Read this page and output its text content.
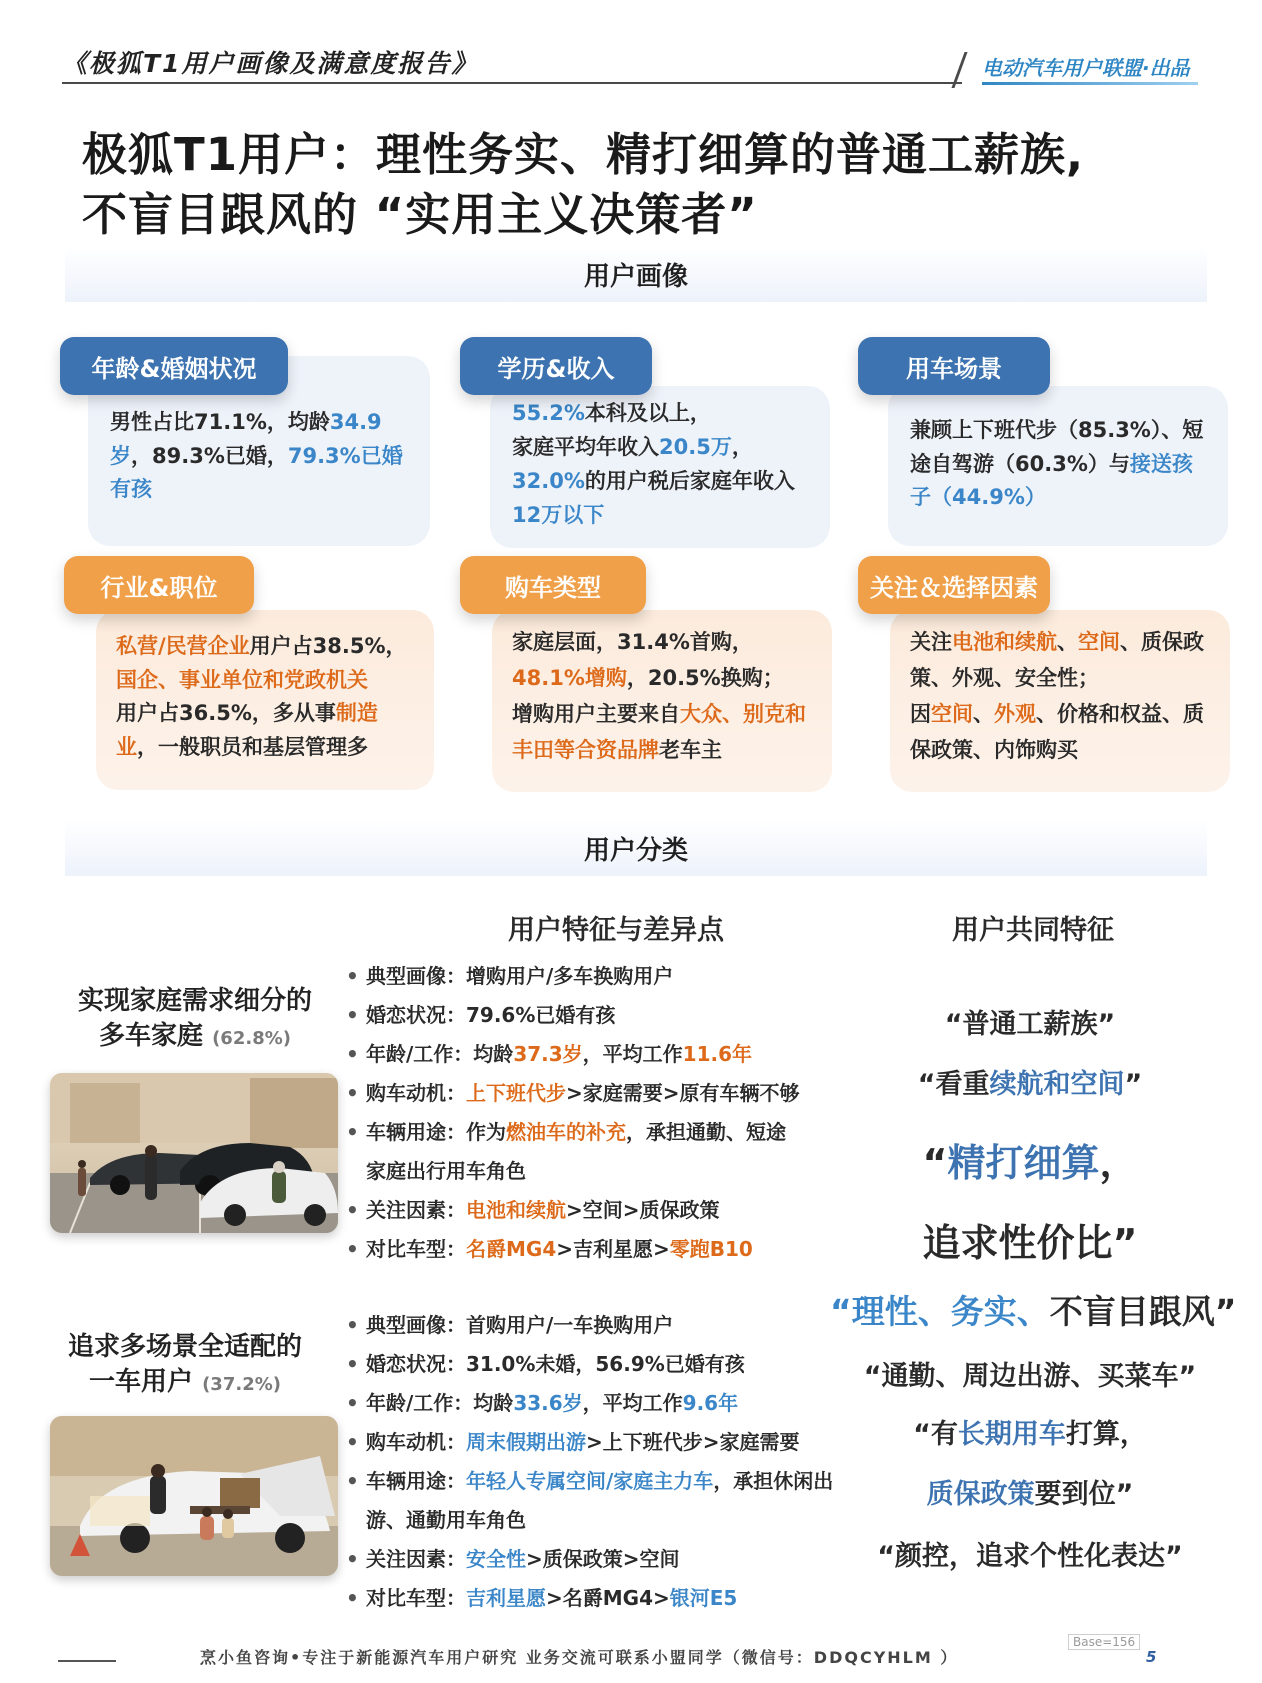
《极狐T1用户画像及满意度报告》	电动汽车用户联盟·出品
极狐T1用户：理性务实、精打细算的普通工薪族,
不盲目跟风的 “实用主义决策者”
用户画像
男性占比71.1%，均龄34.9岁，89.3%已婚，79.3%已婚有孩
年龄&婚姻状况
55.2%本科及以上，
家庭平均年收入20.5万，
32.0%的用户税后家庭年收入12万以下
学历&收入
兼顾上下班代步（85.3%）、短途自驾游（60.3%）与接送孩子（44.9%）
用车场景
私营/民营企业用户占38.5%，
国企、事业单位和党政机关
用户占36.5%，多从事制造业，一般职员和基层管理多
行业&职位
家庭层面，31.4%首购，
48.1%增购，20.5%换购；
增购用户主要来自大众、别克和丰田等合资品牌老车主
购车类型
关注电池和续航、空间、质保政策、外观、安全性；
因空间、外观、价格和权益、质保政策、内饰购买
关注＆选择因素
用户分类
用户特征与差异点	用户共同特征
实现家庭需求细分的
多车家庭 (62.8%)
• 典型画像：增购用户/多车换购用户
• 婚恋状况：79.6%已婚有孩
• 年龄/工作：均龄 37.3岁 ，平均工作 11.6年
• 购车动机： 上下班代步 >家庭需要>原有车辆不够
• 车辆用途：作为 燃油车的补充 ，承担通勤、短途
家庭出行用车角色
• 关注因素： 电池和续航 >空间>质保政策
• 对比车型： 名爵MG4 >吉利星愿> 零跑B10
追求多场景全适配的
一车用户 (37.2%)
• 典型画像：首购用户/一车换购用户
• 婚恋状况：31.0%未婚，56.9%已婚有孩
• 年龄/工作：均龄 33.6岁 ，平均工作 9.6年
• 购车动机： 周末假期出游 >上下班代步>家庭需要
• 车辆用途： 年轻人专属空间/家庭主力车 ，承担休闲出
游、通勤用车角色
• 关注因素： 安全性 >质保政策>空间
• 对比车型： 吉利星愿 >名爵MG4> 银河E5
“普通工薪族”
“看重续航和空间”
“精打细算，
追求性价比”
“理性、务实、不盲目跟风”
“通勤、周边出游、买菜车”
“有长期用车打算，
质保政策要到位”
“颜控，追求个性化表达”
烹小鱼咨询•专注于新能源汽车用户研究 业务交流可联系小盟同学（微信号：DDQCYHLM ）
Base=156
5
